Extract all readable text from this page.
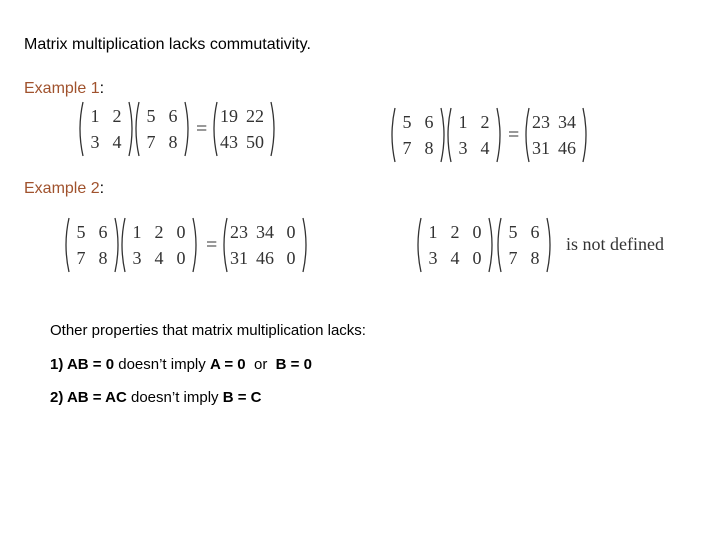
Matrix multiplication lacks commutativity.
Example 1:
1 2
3 4
5 6
7 8
=
19 22
43 50
5 6
7 8
1 2
3 4
=
23 34
31 46
Example 2:
5 6
7 8
1 2 0
3 4 0
=
23 34 0
31 46 0
1 2 0
3 4 0
5 6
7 8
is not defined
Other properties that matrix multiplication lacks:
1) AB = 0 doesn’t imply A = 0  or  B = 0
2) AB = AC doesn’t imply B = C
